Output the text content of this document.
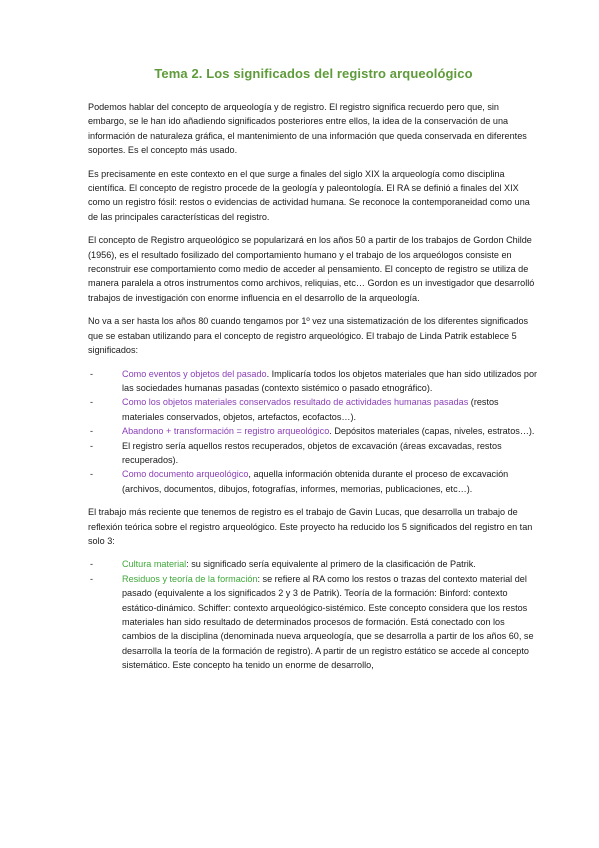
Tema 2. Los significados del registro arqueológico

Podemos hablar del concepto de arqueología y de registro. El registro significa recuerdo pero que, sin embargo, se le han ido añadiendo significados posteriores entre ellos, la idea de la conservación de una información de naturaleza gráfica, el mantenimiento de una información que queda conservada en diferentes soportes. Es el concepto más usado.

Es precisamente en este contexto en el que surge a finales del siglo XIX la arqueología como disciplina científica. El concepto de registro procede de la geología y paleontología. El RA se definió a finales del XIX como un registro fósil: restos o evidencias de actividad humana. Se reconoce la contemporaneidad como una de las principales características del registro.

El concepto de Registro arqueológico se popularizará en los años 50 a partir de los trabajos de Gordon Childe (1956), es el resultado fosilizado del comportamiento humano y el trabajo de los arqueólogos consiste en reconstruir ese comportamiento como medio de acceder al pensamiento. El concepto de registro se utiliza de manera paralela a otros instrumentos como archivos, reliquias, etc… Gordon es un investigador que desarrolló trabajos de investigación con enorme influencia en el desarrollo de la arqueología.

No va a ser hasta los años 80 cuando tengamos por 1º vez una sistematización de los diferentes significados que se estaban utilizando para el concepto de registro arqueológico. El trabajo de Linda Patrik establece 5 significados:

-	Como eventos y objetos del pasado. Implicaría todos los objetos materiales que han sido utilizados por las sociedades humanas pasadas (contexto sistémico o pasado etnográfico).
-	Como los objetos materiales conservados resultado de actividades humanas pasadas (restos materiales conservados, objetos, artefactos, ecofactos…).
-	Abandono + transformación = registro arqueológico. Depósitos materiales (capas, niveles, estratos…).
-	El registro sería aquellos restos recuperados, objetos de excavación (áreas excavadas, restos recuperados).
-	Como documento arqueológico, aquella información obtenida durante el proceso de excavación (archivos, documentos, dibujos, fotografías, informes, memorias, publicaciones, etc…).

El trabajo más reciente que tenemos de registro es el trabajo de Gavin Lucas, que desarrolla un trabajo de reflexión teórica sobre el registro arqueológico. Este proyecto ha reducido los 5 significados del registro en tan solo 3:

-	Cultura material: su significado sería equivalente al primero de la clasificación de Patrik.
-	Residuos y teoría de la formación: se refiere al RA como los restos o trazas del contexto material del pasado (equivalente a los significados 2 y 3 de Patrik). Teoría de la formación: Binford: contexto estático-dinámico. Schiffer: contexto arqueológico-sistémico. Este concepto considera que los restos materiales han sido resultado de determinados procesos de formación. Está conectado con los cambios de la disciplina (denominada nueva arqueología, que se desarrolla a partir de los años 60, se desarrolla la teoría de la formación de registro). A partir de un registro estático se accede al concepto sistemático. Este concepto ha tenido un enorme de desarrollo,
